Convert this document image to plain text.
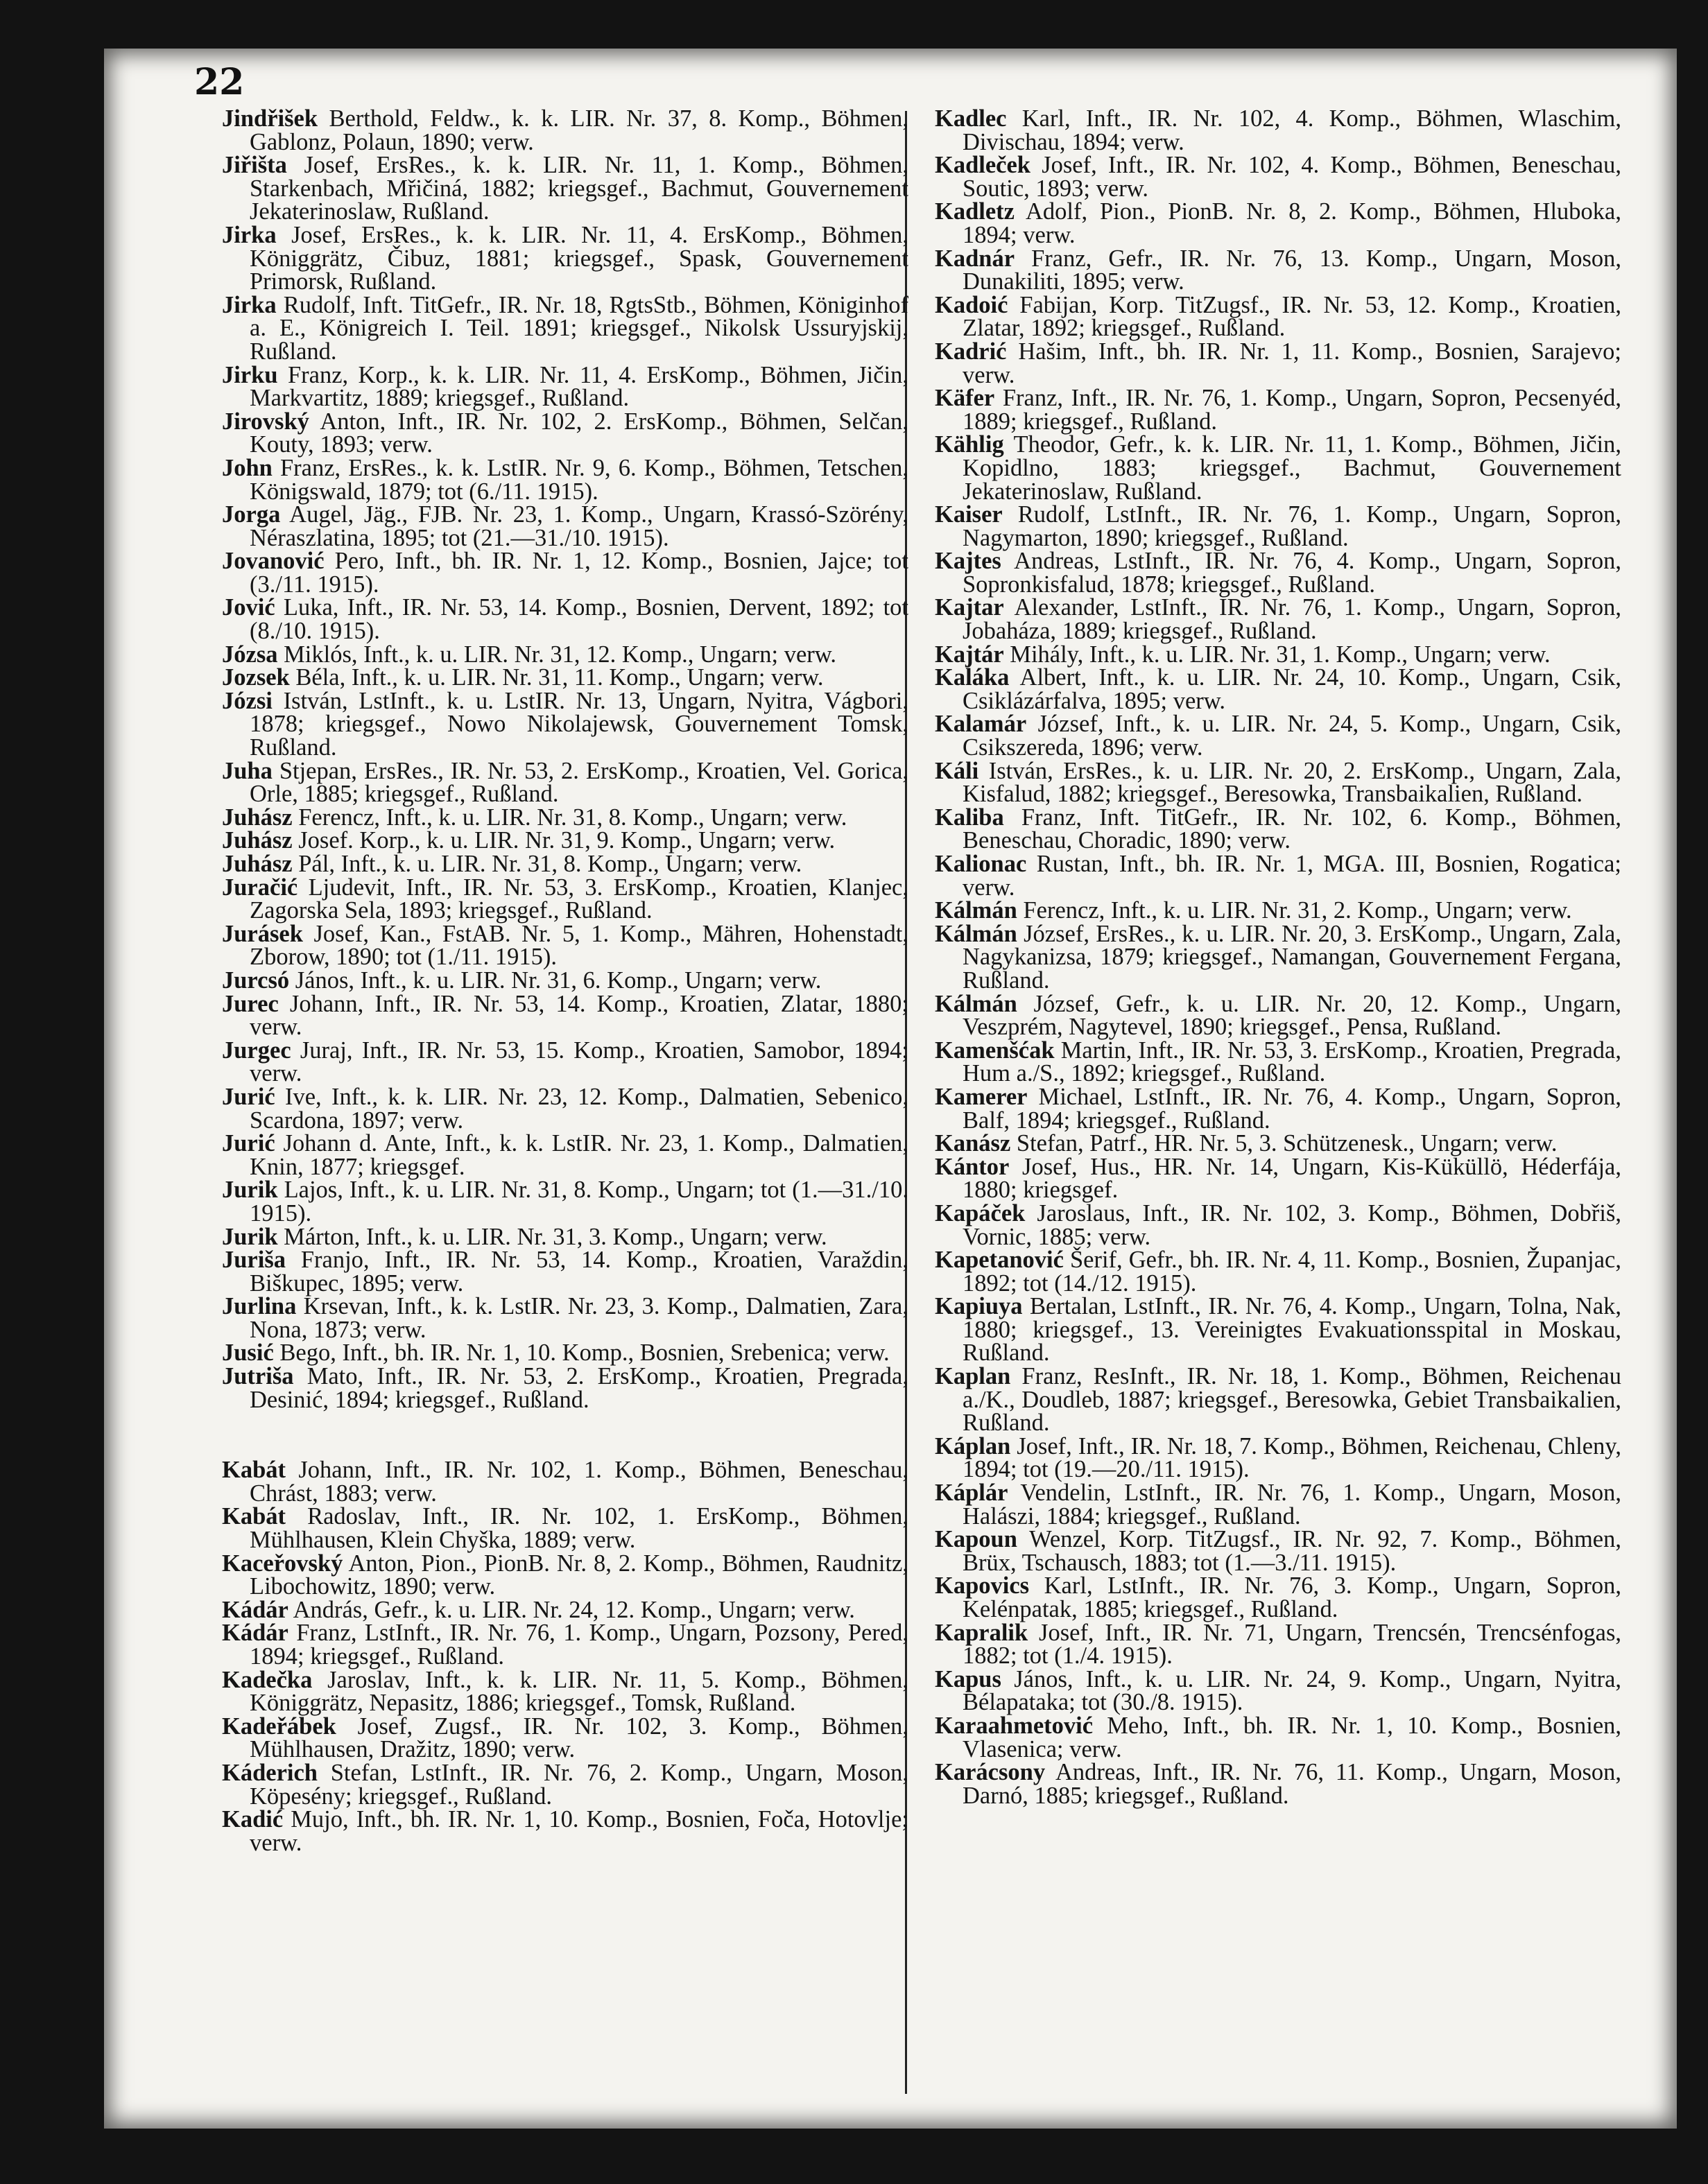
22
Jindřišek Berthold, Feldw., k. k. LIR. Nr. 37, 8. Komp., Böhmen, Gablonz, Polaun, 1890; verw.
Jiřišta Josef, ErsRes., k. k. LIR. Nr. 11, 1. Komp., Böhmen, Starkenbach, Mřičiná, 1882; kriegsgef., Bachmut, Gouvernement Jekaterinoslaw, Rußland.
Jirka Josef, ErsRes., k. k. LIR. Nr. 11, 4. ErsKomp., Böhmen, Königgrätz, Čibuz, 1881; kriegsgef., Spask, Gouvernement Primorsk, Rußland.
Jirka Rudolf, Inft. TitGefr., IR. Nr. 18, RgtsStb., Böhmen, Königinhof a. E., Königreich I. Teil. 1891; kriegsgef., Nikolsk Ussuryjskij, Rußland.
Jirku Franz, Korp., k. k. LIR. Nr. 11, 4. ErsKomp., Böhmen, Jičin, Markvartitz, 1889; kriegsgef., Rußland.
Jirovský Anton, Inft., IR. Nr. 102, 2. ErsKomp., Böhmen, Selčan, Kouty, 1893; verw.
John Franz, ErsRes., k. k. LstIR. Nr. 9, 6. Komp., Böhmen, Tetschen, Königswald, 1879; tot (6./11. 1915).
Jorga Augel, Jäg., FJB. Nr. 23, 1. Komp., Ungarn, Krassó-Szörény, Néraszlatina, 1895; tot (21.—31./10. 1915).
Jovanović Pero, Inft., bh. IR. Nr. 1, 12. Komp., Bosnien, Jajce; tot (3./11. 1915).
Jović Luka, Inft., IR. Nr. 53, 14. Komp., Bosnien, Dervent, 1892; tot (8./10. 1915).
Józsa Miklós, Inft., k. u. LIR. Nr. 31, 12. Komp., Ungarn; verw.
Jozsek Béla, Inft., k. u. LIR. Nr. 31, 11. Komp., Ungarn; verw.
Józsi István, LstInft., k. u. LstIR. Nr. 13, Ungarn, Nyitra, Vágbori, 1878; kriegsgef., Nowo Nikolajewsk, Gouvernement Tomsk, Rußland.
Juha Stjepan, ErsRes., IR. Nr. 53, 2. ErsKomp., Kroatien, Vel. Gorica, Orle, 1885; kriegsgef., Rußland.
Juhász Ferencz, Inft., k. u. LIR. Nr. 31, 8. Komp., Ungarn; verw.
Juhász Josef. Korp., k. u. LIR. Nr. 31, 9. Komp., Ungarn; verw.
Juhász Pál, Inft., k. u. LIR. Nr. 31, 8. Komp., Ungarn; verw.
Juračić Ljudevit, Inft., IR. Nr. 53, 3. ErsKomp., Kroatien, Klanjec, Zagorska Sela, 1893; kriegsgef., Rußland.
Jurásek Josef, Kan., FstAB. Nr. 5, 1. Komp., Mähren, Hohenstadt, Zborow, 1890; tot (1./11. 1915).
Jurcsó János, Inft., k. u. LIR. Nr. 31, 6. Komp., Ungarn; verw.
Jurec Johann, Inft., IR. Nr. 53, 14. Komp., Kroatien, Zlatar, 1880; verw.
Jurgec Juraj, Inft., IR. Nr. 53, 15. Komp., Kroatien, Samobor, 1894; verw.
Jurić Ive, Inft., k. k. LIR. Nr. 23, 12. Komp., Dalmatien, Sebenico, Scardona, 1897; verw.
Jurić Johann d. Ante, Inft., k. k. LstIR. Nr. 23, 1. Komp., Dalmatien, Knin, 1877; kriegsgef.
Jurik Lajos, Inft., k. u. LIR. Nr. 31, 8. Komp., Ungarn; tot (1.—31./10. 1915).
Jurik Márton, Inft., k. u. LIR. Nr. 31, 3. Komp., Ungarn; verw.
Juriša Franjo, Inft., IR. Nr. 53, 14. Komp., Kroatien, Varaždin, Biškupec, 1895; verw.
Jurlina Krsevan, Inft., k. k. LstIR. Nr. 23, 3. Komp., Dalmatien, Zara, Nona, 1873; verw.
Jusić Bego, Inft., bh. IR. Nr. 1, 10. Komp., Bosnien, Srebenica; verw.
Jutriša Mato, Inft., IR. Nr. 53, 2. ErsKomp., Kroatien, Pregrada, Desinić, 1894; kriegsgef., Rußland.
Kabát Johann, Inft., IR. Nr. 102, 1. Komp., Böhmen, Beneschau, Chrást, 1883; verw.
Kabát Radoslav, Inft., IR. Nr. 102, 1. ErsKomp., Böhmen, Mühlhausen, Klein Chyška, 1889; verw.
Kaceřovský Anton, Pion., PionB. Nr. 8, 2. Komp., Böhmen, Raudnitz, Libochowitz, 1890; verw.
Kádár András, Gefr., k. u. LIR. Nr. 24, 12. Komp., Ungarn; verw.
Kádár Franz, LstInft., IR. Nr. 76, 1. Komp., Ungarn, Pozsony, Pered, 1894; kriegsgef., Rußland.
Kadečka Jaroslav, Inft., k. k. LIR. Nr. 11, 5. Komp., Böhmen, Königgrätz, Nepasitz, 1886; kriegsgef., Tomsk, Rußland.
Kadeřábek Josef, Zugsf., IR. Nr. 102, 3. Komp., Böhmen, Mühlhausen, Dražitz, 1890; verw.
Káderich Stefan, LstInft., IR. Nr. 76, 2. Komp., Ungarn, Moson, Köpesény; kriegsgef., Rußland.
Kadić Mujo, Inft., bh. IR. Nr. 1, 10. Komp., Bosnien, Foča, Hotovlje; verw.
Kadlec Karl, Inft., IR. Nr. 102, 4. Komp., Böhmen, Wlaschim, Divischau, 1894; verw.
Kadleček Josef, Inft., IR. Nr. 102, 4. Komp., Böhmen, Beneschau, Soutic, 1893; verw.
Kadletz Adolf, Pion., PionB. Nr. 8, 2. Komp., Böhmen, Hluboka, 1894; verw.
Kadnár Franz, Gefr., IR. Nr. 76, 13. Komp., Ungarn, Moson, Dunakiliti, 1895; verw.
Kadoić Fabijan, Korp. TitZugsf., IR. Nr. 53, 12. Komp., Kroatien, Zlatar, 1892; kriegsgef., Rußland.
Kadrić Hašim, Inft., bh. IR. Nr. 1, 11. Komp., Bosnien, Sarajevo; verw.
Käfer Franz, Inft., IR. Nr. 76, 1. Komp., Ungarn, Sopron, Pecsenyéd, 1889; kriegsgef., Rußland.
Kählig Theodor, Gefr., k. k. LIR. Nr. 11, 1. Komp., Böhmen, Jičin, Kopidlno, 1883; kriegsgef., Bachmut, Gouvernement Jekaterinoslaw, Rußland.
Kaiser Rudolf, LstInft., IR. Nr. 76, 1. Komp., Ungarn, Sopron, Nagymarton, 1890; kriegsgef., Rußland.
Kajtes Andreas, LstInft., IR. Nr. 76, 4. Komp., Ungarn, Sopron, Sopronkisfalud, 1878; kriegsgef., Rußland.
Kajtar Alexander, LstInft., IR. Nr. 76, 1. Komp., Ungarn, Sopron, Jobaháza, 1889; kriegsgef., Rußland.
Kajtár Mihály, Inft., k. u. LIR. Nr. 31, 1. Komp., Ungarn; verw.
Kaláka Albert, Inft., k. u. LIR. Nr. 24, 10. Komp., Ungarn, Csik, Csiklázárfalva, 1895; verw.
Kalamár József, Inft., k. u. LIR. Nr. 24, 5. Komp., Ungarn, Csik, Csikszereda, 1896; verw.
Káli István, ErsRes., k. u. LIR. Nr. 20, 2. ErsKomp., Ungarn, Zala, Kisfalud, 1882; kriegsgef., Beresowka, Transbaikalien, Rußland.
Kaliba Franz, Inft. TitGefr., IR. Nr. 102, 6. Komp., Böhmen, Beneschau, Choradic, 1890; verw.
Kalionac Rustan, Inft., bh. IR. Nr. 1, MGA. III, Bosnien, Rogatica; verw.
Kálmán Ferencz, Inft., k. u. LIR. Nr. 31, 2. Komp., Ungarn; verw.
Kálmán József, ErsRes., k. u. LIR. Nr. 20, 3. ErsKomp., Ungarn, Zala, Nagykanizsa, 1879; kriegsgef., Namangan, Gouvernement Fergana, Rußland.
Kálmán József, Gefr., k. u. LIR. Nr. 20, 12. Komp., Ungarn, Veszprém, Nagytevel, 1890; kriegsgef., Pensa, Rußland.
Kamenšćak Martin, Inft., IR. Nr. 53, 3. ErsKomp., Kroatien, Pregrada, Hum a./S., 1892; kriegsgef., Rußland.
Kamerer Michael, LstInft., IR. Nr. 76, 4. Komp., Ungarn, Sopron, Balf, 1894; kriegsgef., Rußland.
Kanász Stefan, Patrf., HR. Nr. 5, 3. Schützenesk., Ungarn; verw.
Kántor Josef, Hus., HR. Nr. 14, Ungarn, Kis-Küküllö, Héderfája, 1880; kriegsgef.
Kapáček Jaroslaus, Inft., IR. Nr. 102, 3. Komp., Böhmen, Dobřiš, Vornic, 1885; verw.
Kapetanović Šerif, Gefr., bh. IR. Nr. 4, 11. Komp., Bosnien, Županjac, 1892; tot (14./12. 1915).
Kapiuya Bertalan, LstInft., IR. Nr. 76, 4. Komp., Ungarn, Tolna, Nak, 1880; kriegsgef., 13. Vereinigtes Evakuationsspital in Moskau, Rußland.
Kaplan Franz, ResInft., IR. Nr. 18, 1. Komp., Böhmen, Reichenau a./K., Doudleb, 1887; kriegsgef., Beresowka, Gebiet Transbaikalien, Rußland.
Káplan Josef, Inft., IR. Nr. 18, 7. Komp., Böhmen, Reichenau, Chleny, 1894; tot (19.—20./11. 1915).
Káplár Vendelin, LstInft., IR. Nr. 76, 1. Komp., Ungarn, Moson, Halászi, 1884; kriegsgef., Rußland.
Kapoun Wenzel, Korp. TitZugsf., IR. Nr. 92, 7. Komp., Böhmen, Brüx, Tschausch, 1883; tot (1.—3./11. 1915).
Kapovics Karl, LstInft., IR. Nr. 76, 3. Komp., Ungarn, Sopron, Kelénpatak, 1885; kriegsgef., Rußland.
Kapralik Josef, Inft., IR. Nr. 71, Ungarn, Trencsén, Trencsénfogas, 1882; tot (1./4. 1915).
Kapus János, Inft., k. u. LIR. Nr. 24, 9. Komp., Ungarn, Nyitra, Bélapataka; tot (30./8. 1915).
Karaahmetović Meho, Inft., bh. IR. Nr. 1, 10. Komp., Bosnien, Vlasenica; verw.
Karácsony Andreas, Inft., IR. Nr. 76, 11. Komp., Ungarn, Moson, Darnó, 1885; kriegsgef., Rußland.
